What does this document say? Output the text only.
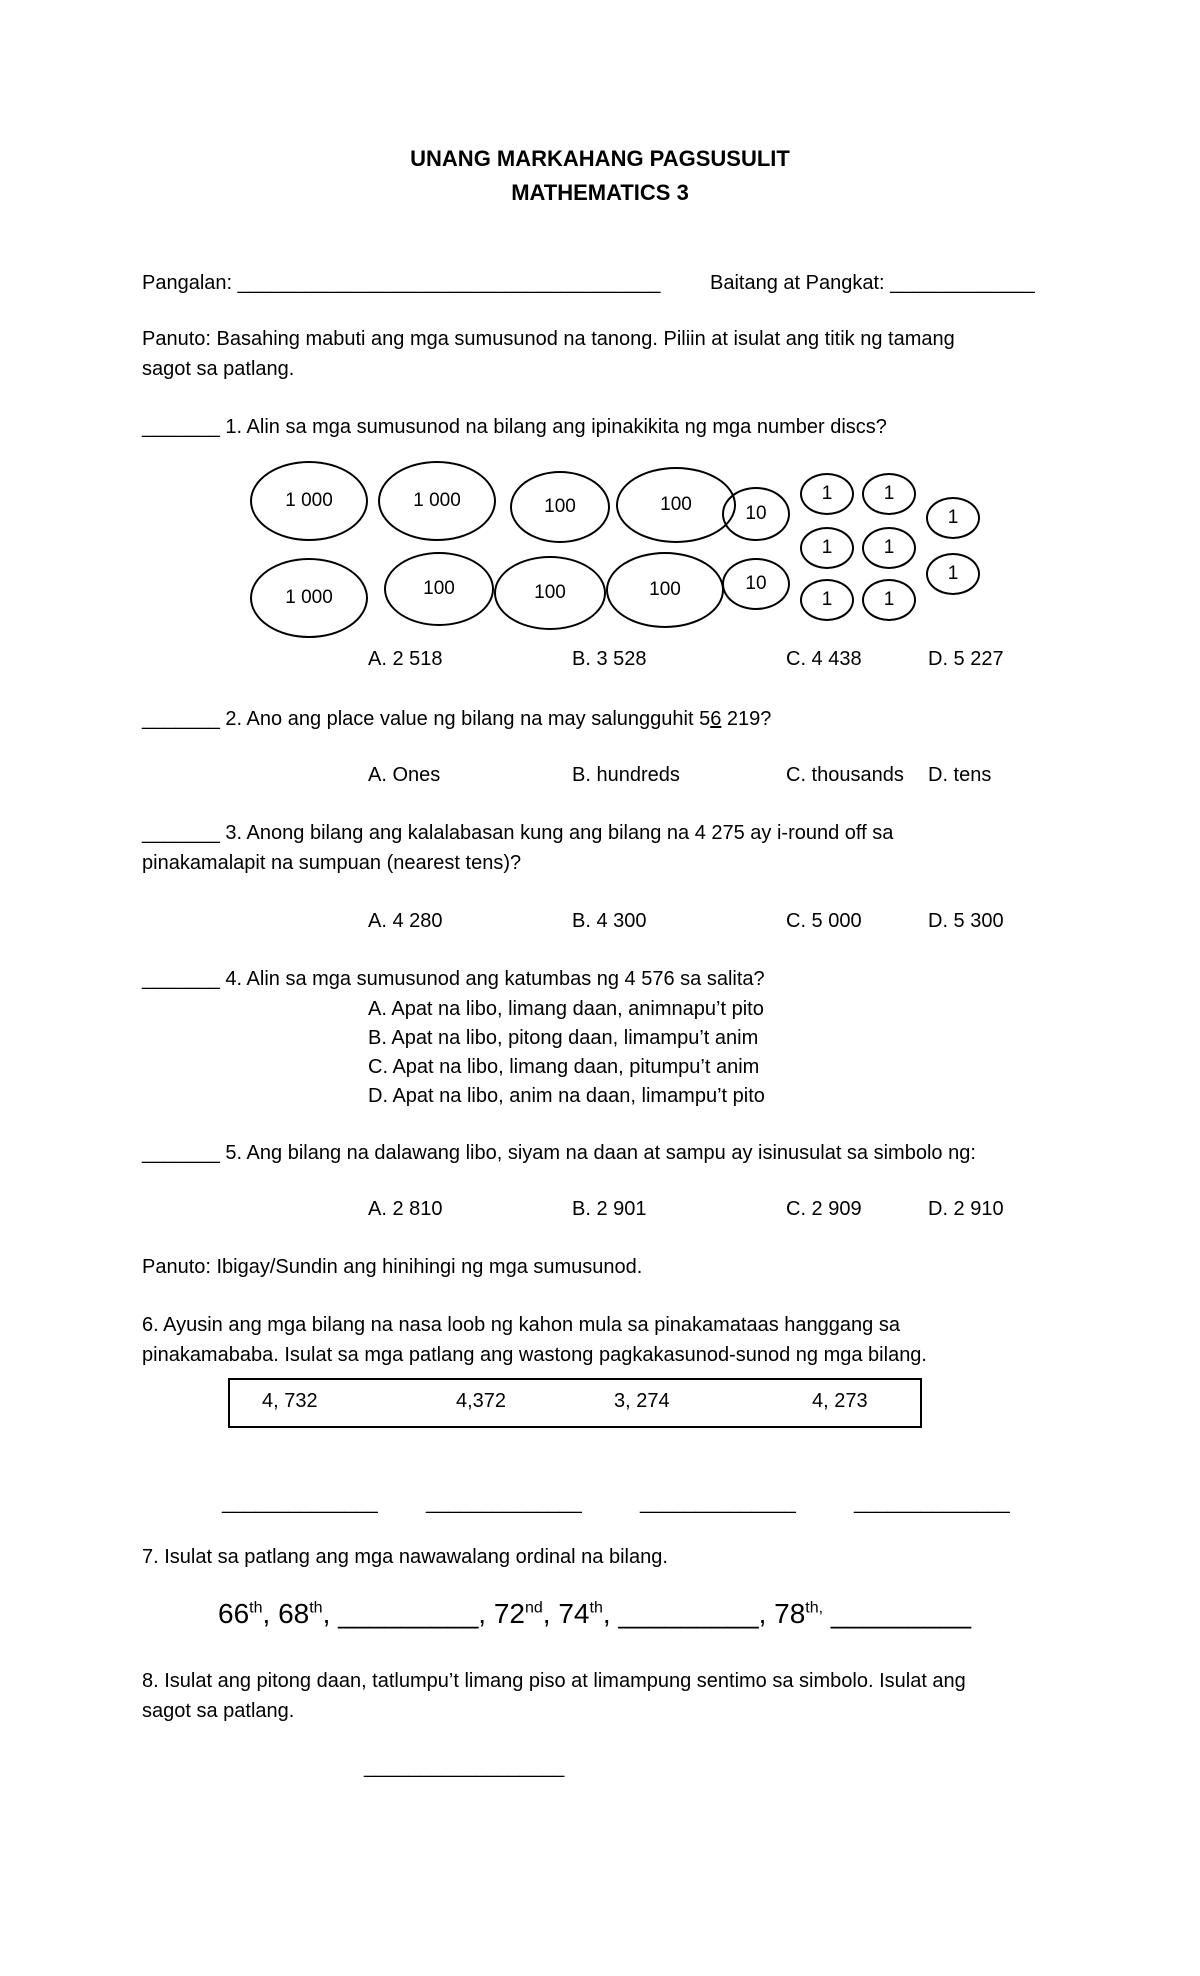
UNANG MARKAHANG PAGSUSULIT
MATHEMATICS 3
Pangalan: ______________________________________ Baitang at Pangkat: _____________
Panuto: Basahing mabuti ang mga sumusunod na tanong. Piliin at isulat ang titik ng tamang
sagot sa patlang.
_______ 1. Alin sa mga sumusunod na bilang ang ipinakikita ng mga number discs?
1 000	1 000	100	100	10
1	1
1
1	1
1
1 000	100	100	100	10
1	1
A. 2 518	B. 3 528	C. 4 438	D. 5 227
_______ 2. Ano ang place value ng bilang na may salungguhit 56 219?
A. Ones	B. hundreds	C. thousands D. tens
_______ 3. Anong bilang ang kalalabasan kung ang bilang na 4 275 ay i-round off sa
pinakamalapit na sumpuan (nearest tens)?
A. 4 280	B. 4 300	C. 5 000	D. 5 300
_______ 4. Alin sa mga sumusunod ang katumbas ng 4 576 sa salita?
A. Apat na libo, limang daan, animnapu’t pito
B. Apat na libo, pitong daan, limampu’t anim
C. Apat na libo, limang daan, pitumpu’t anim
D. Apat na libo, anim na daan, limampu’t pito
_______ 5. Ang bilang na dalawang libo, siyam na daan at sampu ay isinusulat sa simbolo ng:
A. 2 810	B. 2 901	C. 2 909	D. 2 910
Panuto: Ibigay/Sundin ang hinihingi ng mga sumusunod.
6. Ayusin ang mga bilang na nasa loob ng kahon mula sa pinakamataas hanggang sa
pinakamababa. Isulat sa mga patlang ang wastong pagkakasunod-sunod ng mga bilang.
4, 732	4,372	3, 274	4, 273
______________ ______________	______________	______________
7. Isulat sa patlang ang mga nawawalang ordinal na bilang.
66th, 68th, _________, 72nd, 74th, _________, $78^{th,}$ _________
8. Isulat ang pitong daan, tatlumpu’t limang piso at limampung sentimo sa simbolo. Isulat ang
sagot sa patlang.
__________________
